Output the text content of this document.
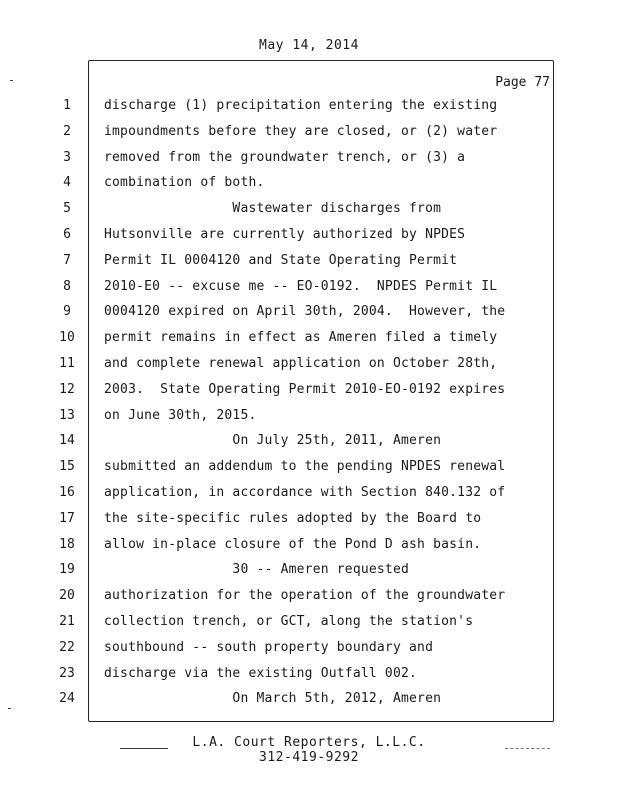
May 14, 2014
Page 77
1	discharge (1) precipitation entering the existing
2	impoundments before they are closed, or (2) water
3	removed from the groundwater trench, or (3) a
4	combination of both.
5	Wastewater discharges from
6	Hutsonville are currently authorized by NPDES
7	Permit IL 0004120 and State Operating Permit
8	2010-E0 -- excuse me -- EO-0192.  NPDES Permit IL
9	0004120 expired on April 30th, 2004.  However, the
10	permit remains in effect as Ameren filed a timely
11	and complete renewal application on October 28th,
12	2003.  State Operating Permit 2010-EO-0192 expires
13	on June 30th, 2015.
14	On July 25th, 2011, Ameren
15	submitted an addendum to the pending NPDES renewal
16	application, in accordance with Section 840.132 of
17	the site-specific rules adopted by the Board to
18	allow in-place closure of the Pond D ash basin.
19	30 -- Ameren requested
20	authorization for the operation of the groundwater
21	collection trench, or GCT, along the station's
22	southbound -- south property boundary and
23	discharge via the existing Outfall 002.
24	On March 5th, 2012, Ameren
L.A. Court Reporters, L.L.C.
312-419-9292
